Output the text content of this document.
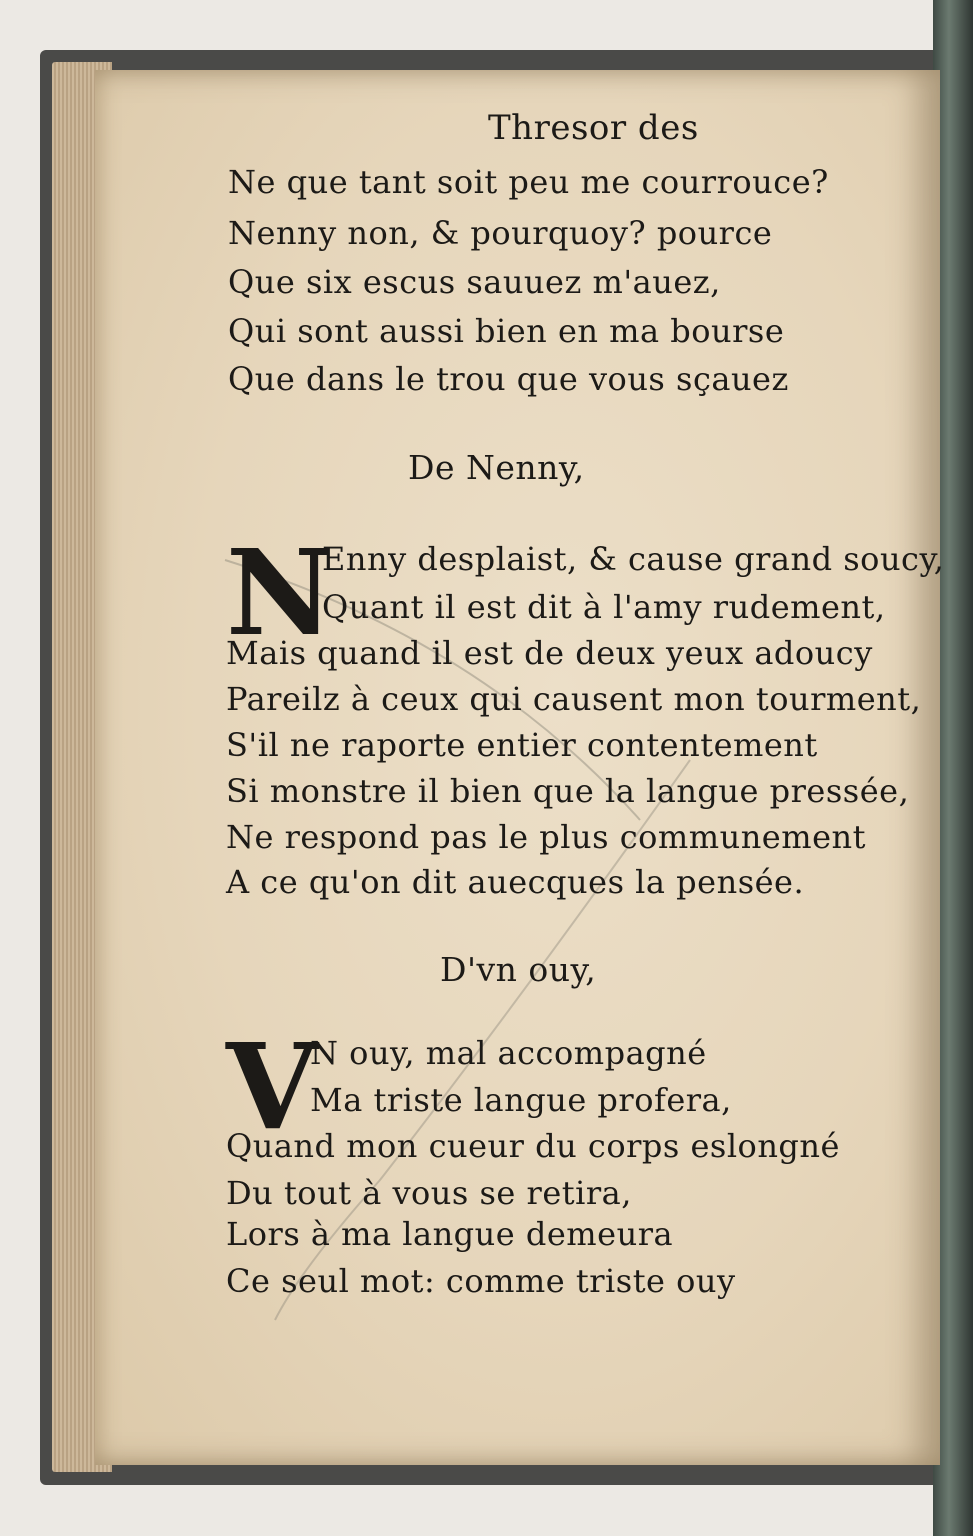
Thresor des
Ne que tant soit peu me courrouce?
Nenny non, & pourquoy? pource
Que six escus sauuez m'auez,
Qui sont aussi bien en ma bourse
Que dans le trou que vous sçauez
De Nenny,
N
Enny desplaist, & cause grand soucy,
Quant il est dit à l'amy rudement,
Mais quand il est de deux yeux adoucy
Pareilz à ceux qui causent mon tourment,
S'il ne raporte entier contentement
Si monstre il bien que la langue pressée,
Ne respond pas le plus communement
A ce qu'on dit auecques la pensée.
D'vn ouy,
V
N ouy, mal accompagné
Ma triste langue profera,
Quand mon cueur du corps eslongné
Du tout à vous se retira,
Lors à ma langue demeura
Ce seul mot: comme triste ouy
